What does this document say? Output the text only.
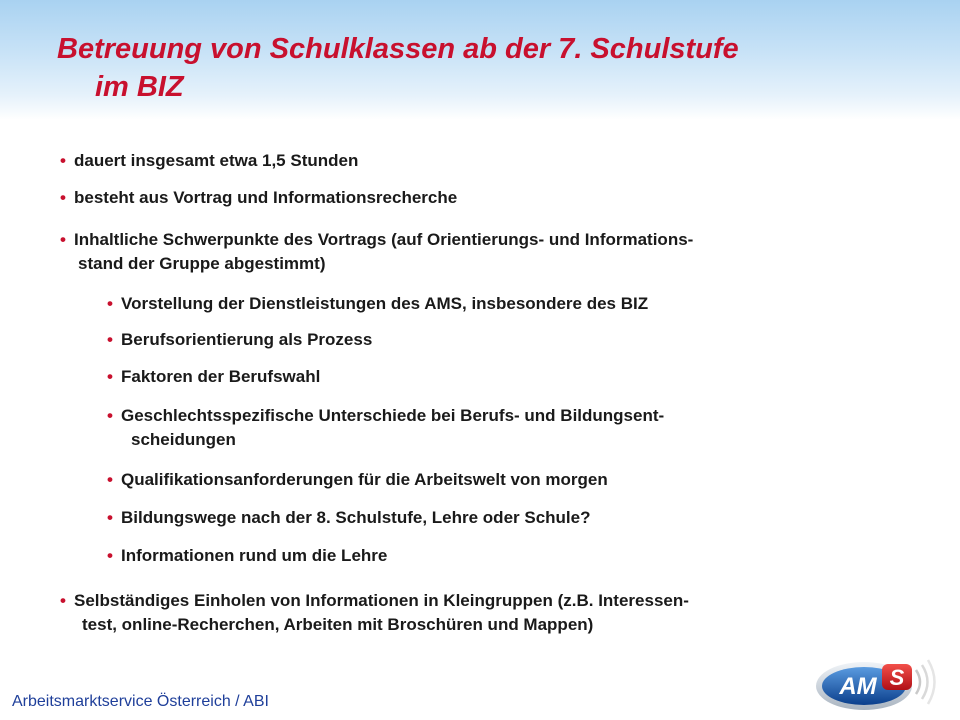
Betreuung von Schulklassen ab der 7. Schulstufe
im BIZ
• dauert insgesamt etwa 1,5 Stunden
• besteht aus Vortrag und Informationsrecherche
• Inhaltliche Schwerpunkte des Vortrags (auf Orientierungs- und Informations-
stand der Gruppe abgestimmt)
• Vorstellung der Dienstleistungen des AMS, insbesondere des BIZ
• Berufsorientierung als Prozess
• Faktoren der Berufswahl
• Geschlechtsspezifische Unterschiede bei Berufs- und Bildungsent-
scheidungen
• Qualifikationsanforderungen für die Arbeitswelt von morgen
• Bildungswege nach der 8. Schulstufe, Lehre oder Schule?
• Informationen rund um die Lehre
• Selbständiges Einholen von Informationen in Kleingruppen (z.B. Interessen-
test, online-Recherchen, Arbeiten mit Broschüren und Mappen)
Arbeitsmarktservice Österreich / ABI
AM S
